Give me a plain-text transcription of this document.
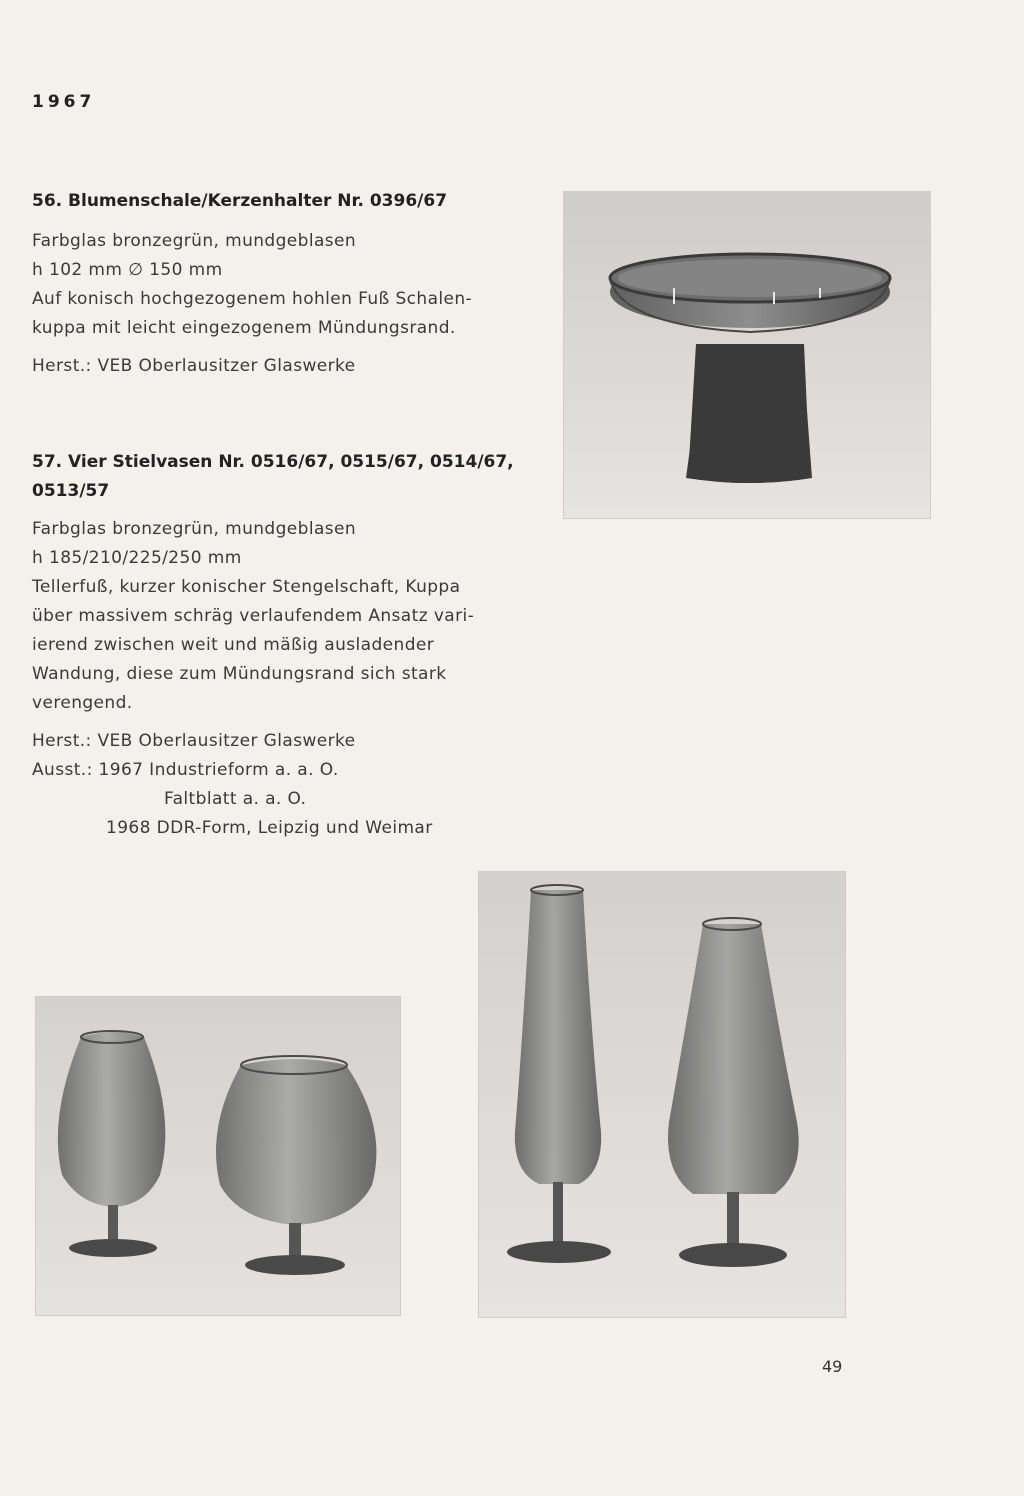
1967
56. Blumenschale/Kerzenhalter Nr. 0396/67
Farbglas bronzegrün, mundgeblasen
h 102 mm ∅ 150 mm
Auf konisch hochgezogenem hohlen Fuß Schalen-
kuppa mit leicht eingezogenem Mündungsrand.
Herst.: VEB Oberlausitzer Glaswerke
57. Vier Stielvasen Nr. 0516/67, 0515/67, 0514/67,
0513/57
Farbglas bronzegrün, mundgeblasen
h 185/210/225/250 mm
Tellerfuß, kurzer konischer Stengelschaft, Kuppa
über massivem schräg verlaufendem Ansatz vari-
ierend zwischen weit und mäßig ausladender
Wandung, diese zum Mündungsrand sich stark
verengend.
Herst.: VEB Oberlausitzer Glaswerke
Ausst.: 1967 Industrieform a. a. O.
Faltblatt a. a. O.
1968 DDR-Form, Leipzig und Weimar
49
